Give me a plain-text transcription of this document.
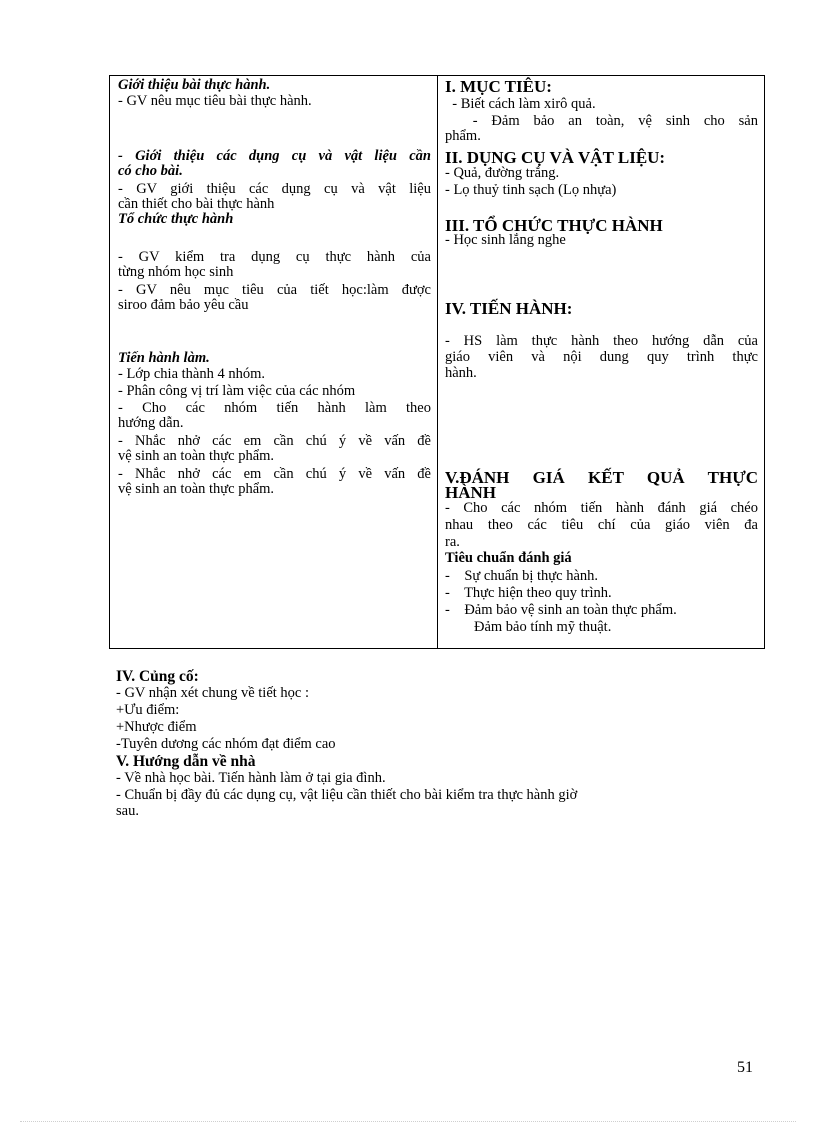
Giới thiệu bài thực hành.
- GV nêu mục tiêu bài thực hành.
- Giới thiệu các dụng cụ và vật liệu cần
có cho bài.
- GV giới thiệu các dụng cụ và vật liệu
cần thiết cho bài thực hành
Tổ chức thực hành
- GV kiểm tra dụng cụ thực hành của
từng nhóm học sinh
- GV nêu mục tiêu của tiết học:làm được
siroo đảm bảo yêu cầu
Tiến hành làm.
- Lớp chia thành 4 nhóm.
- Phân công vị trí làm việc của các nhóm
- Cho các nhóm tiến hành làm theo
hướng dẫn.
- Nhắc nhở các em cần chú ý về vấn đề
vệ sinh an toàn thực phẩm.
- Nhắc nhở các em cần chú ý về vấn đề
vệ sinh an toàn thực phẩm.
I. MỤC TIÊU:
- Biết cách làm xirô quả.
- Đảm bảo an toàn, vệ sinh cho sản
phẩm.
II. DỤNG CỤ VÀ VẬT LIỆU:
- Quả, đường trắng.
- Lọ thuỷ tinh sạch (Lọ nhựa)
III. TỔ CHỨC THỰC HÀNH
- Học sinh lắng nghe
IV. TIẾN HÀNH:
- HS làm thực hành theo hướng dẫn của
giáo viên và nội dung quy trình thực
hành.
V.ĐÁNH GIÁ KẾT QUẢ THỰC
HÀNH
- Cho các nhóm tiến hành đánh giá chéo
nhau theo các tiêu chí của giáo viên đa
ra.
Tiêu chuẩn đánh giá
-    Sự chuẩn bị thực hành.
-    Thực hiện theo quy trình.
-    Đảm bảo vệ sinh an toàn thực phẩm.
Đảm bảo tính mỹ thuật.
IV. Củng cố:
- GV nhận xét chung về tiết học :
+Ưu điểm:
+Nhược điểm
-Tuyên dương các nhóm đạt điểm cao
V. Hướng dẫn về nhà
- Về nhà học bài. Tiến hành làm ở tại gia đình.
- Chuẩn bị đầy đủ các dụng cụ, vật liệu cần thiết cho bài kiểm tra thực hành giờ
sau.
51
